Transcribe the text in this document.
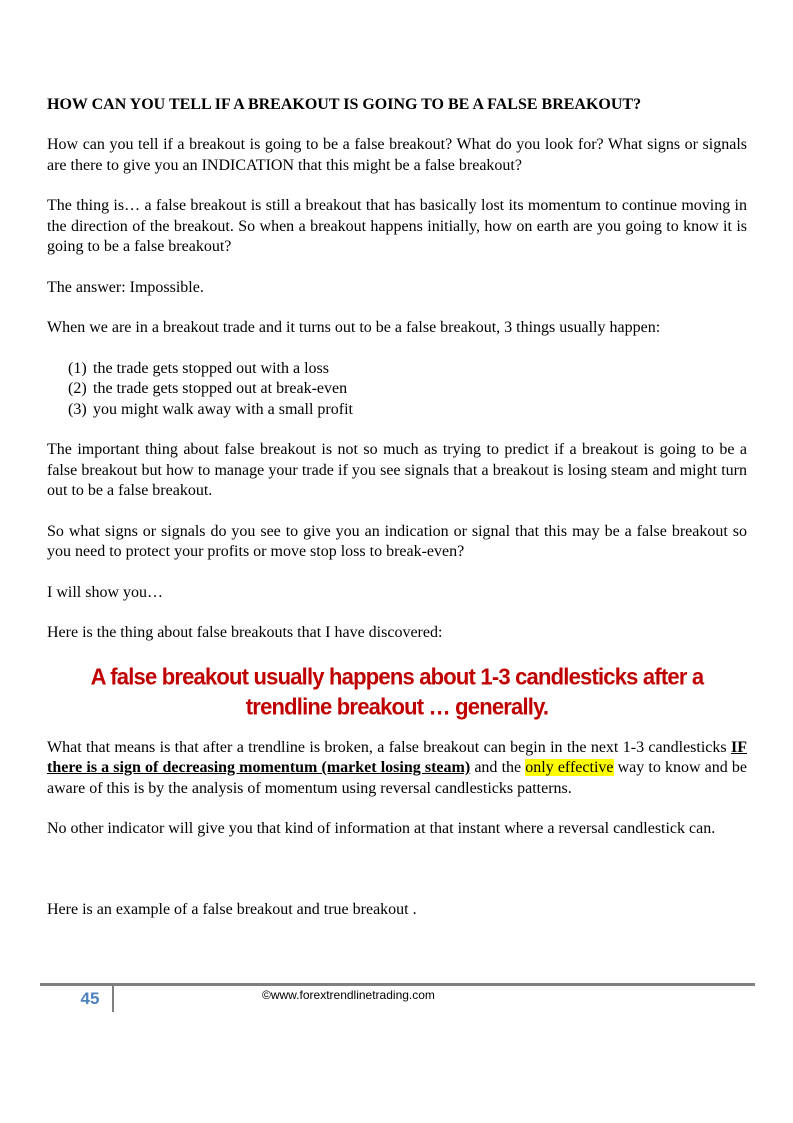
HOW CAN YOU TELL IF A BREAKOUT IS GOING TO BE A FALSE BREAKOUT?

How can you tell if a breakout is going to be a false breakout? What do you look for? What signs or signals are there to give you an INDICATION that this might be a false breakout?

The thing is… a false breakout is still a breakout that has basically lost its momentum to continue moving in the direction of the breakout. So when a breakout happens initially, how on earth are you going to know it is going to be a false breakout?

The answer: Impossible.

When we are in a breakout trade and it turns out to be a false breakout, 3 things usually happen:

(1) the trade gets stopped out with a loss
(2) the trade gets stopped out at break-even
(3) you might walk away with a small profit

The important thing about false breakout is not so much as trying to predict if a breakout is going to be a false breakout but how to manage your trade if you see signals that a breakout is losing steam and might turn out to be a false breakout.

So what signs or signals do you see to give you an indication or signal that this may be a false breakout so you need to protect your profits or move stop loss to break-even?

I will show you…

Here is the thing about false breakouts that I have discovered:

A false breakout usually happens about 1-3 candlesticks after a trendline breakout … generally.

What that means is that after a trendline is broken, a false breakout can begin in the next 1-3 candlesticks IF there is a sign of decreasing momentum (market losing steam) and the only effective way to know and be aware of this is by the analysis of momentum using reversal candlesticks patterns.

No other indicator will give you that kind of information at that instant where a reversal candlestick can.

Here is an example of a false breakout and true breakout .

45	©www.forextrendlinetrading.com
